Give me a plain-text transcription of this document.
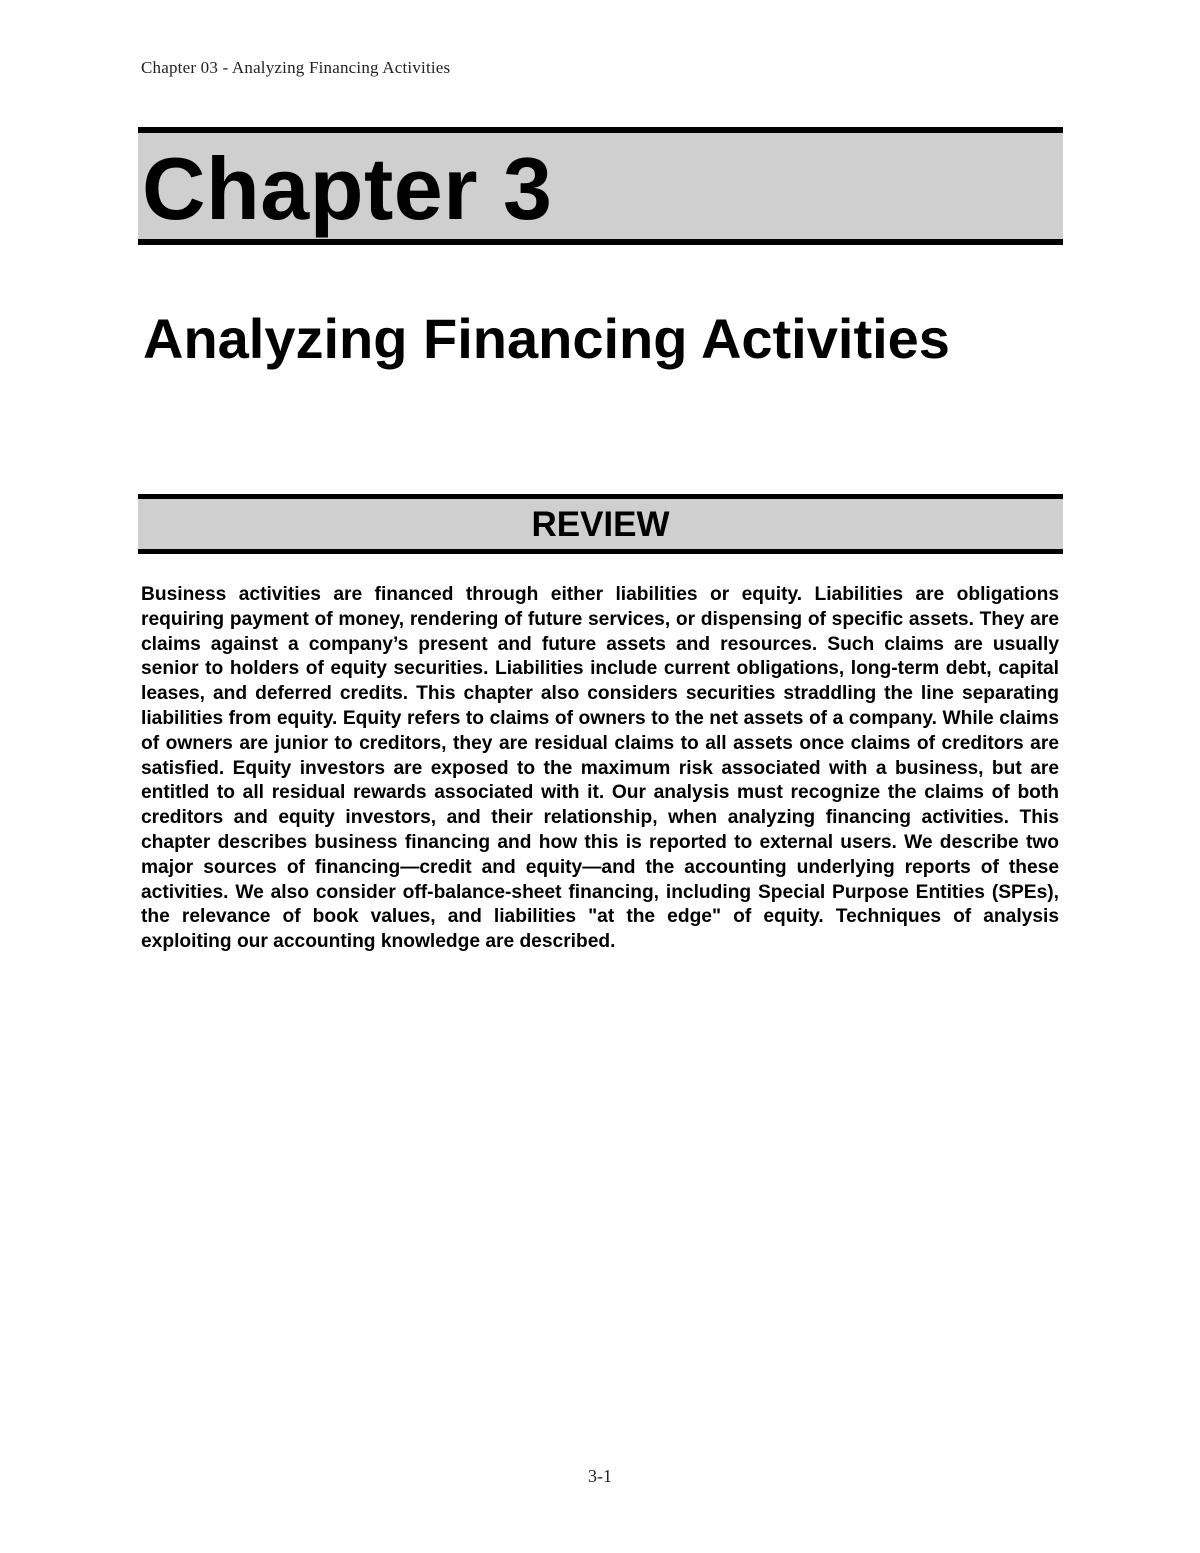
Chapter 03 - Analyzing Financing Activities
Chapter 3
Analyzing Financing Activities
REVIEW

Business activities are financed through either liabilities or equity. Liabilities are obligations requiring payment of money, rendering of future services, or dispensing of specific assets. They are claims against a company’s present and future assets and resources. Such claims are usually senior to holders of equity securities. Liabilities include current obligations, long-term debt, capital leases, and deferred credits. This chapter also considers securities straddling the line separating liabilities from equity. Equity refers to claims of owners to the net assets of a company. While claims of owners are junior to creditors, they are residual claims to all assets once claims of creditors are satisfied. Equity investors are exposed to the maximum risk associated with a business, but are entitled to all residual rewards associated with it. Our analysis must recognize the claims of both creditors and equity investors, and their relationship, when analyzing financing activities. This chapter describes business financing and how this is reported to external users. We describe two major sources of financing—credit and equity—and the accounting underlying reports of these activities. We also consider off-balance-sheet financing, including Special Purpose Entities (SPEs), the relevance of book values, and liabilities "at the edge" of equity. Techniques of analysis exploiting our accounting knowledge are described.

3-1
